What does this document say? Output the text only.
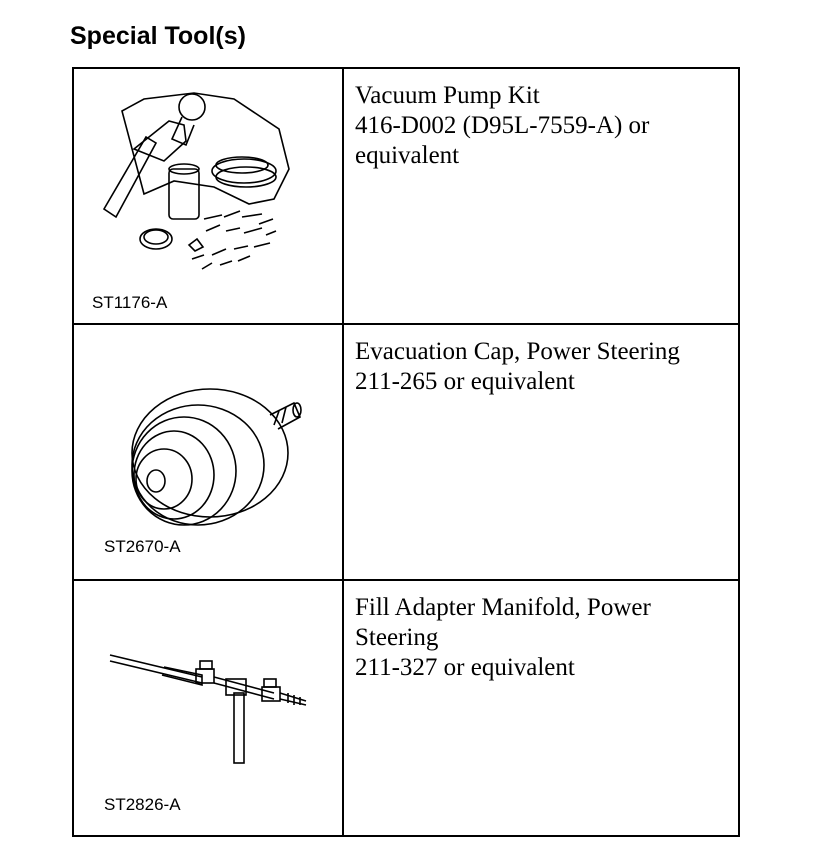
Special Tool(s)
ST1176-A	Vacuum Pump Kit
416-D002 (D95L-7559-A) or
equivalent

ST2670-A	Evacuation Cap, Power Steering
211-265 or equivalent

ST2826-A	Fill Adapter Manifold, Power
Steering
211-327 or equivalent
